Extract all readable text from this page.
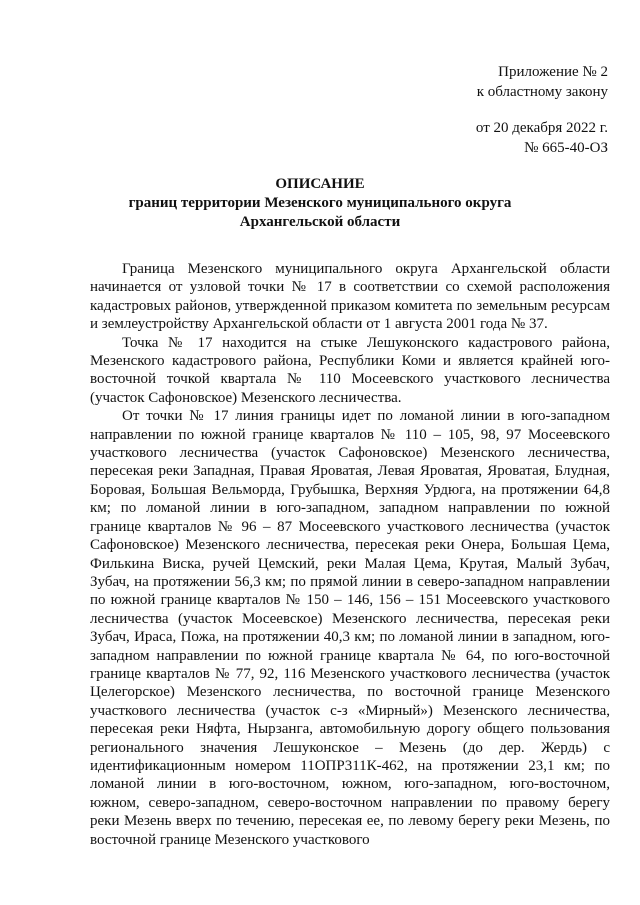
Приложение № 2
к областному закону
от 20 декабря 2022 г.
№ 665-40-ОЗ
ОПИСАНИЕ
границ территории Мезенского муниципального округа
Архангельской области

Граница Мезенского муниципального округа Архангельской области начинается от узловой точки № 17 в соответствии со схемой расположения кадастровых районов, утвержденной приказом комитета по земельным ресурсам и землеустройству Архангельской области от 1 августа 2001 года № 37.

Точка № 17 находится на стыке Лешуконского кадастрового района, Мезенского кадастрового района, Республики Коми и является крайней юго-восточной точкой квартала № 110 Мосеевского участкового лесничества (участок Сафоновское) Мезенского лесничества.

От точки № 17 линия границы идет по ломаной линии в юго-западном направлении по южной границе кварталов № 110 – 105, 98, 97 Мосеевского участкового лесничества (участок Сафоновское) Мезенского лесничества, пересекая реки Западная, Правая Яроватая, Левая Яроватая, Яроватая, Блудная, Боровая, Большая Вельморда, Грубышка, Верхняя Урдюга, на протяжении 64,8 км; по ломаной линии в юго-западном, западном направлении по южной границе кварталов № 96 – 87 Мосеевского участкового лесничества (участок Сафоновское) Мезенского лесничества, пересекая реки Онера, Большая Цема, Филькина Виска, ручей Цемский, реки Малая Цема, Крутая, Малый Зубач, Зубач, на протяжении 56,3 км; по прямой линии в северо-западном направлении по южной границе кварталов № 150 – 146, 156 – 151 Мосеевского участкового лесничества (участок Мосеевское) Мезенского лесничества, пересекая реки Зубач, Ираса, Пожа, на протяжении 40,3 км; по ломаной линии в западном, юго-западном направлении по южной границе квартала № 64, по юго-восточной границе кварталов № 77, 92, 116 Мезенского участкового лесничества (участок Целегорское) Мезенского лесничества, по восточной границе Мезенского участкового лесничества (участок с-з «Мирный») Мезенского лесничества, пересекая реки Няфта, Нырзанга, автомобильную дорогу общего пользования регионального значения Лешуконское – Мезень (до дер. Жердь) с идентификационным номером 11ОПР311К-462, на протяжении 23,1 км; по ломаной линии в юго-восточном, южном, юго-западном, юго-восточном, южном, северо-западном, северо-восточном направлении по правому берегу реки Мезень вверх по течению, пересекая ее, по левому берегу реки Мезень, по восточной границе Мезенского участкового
